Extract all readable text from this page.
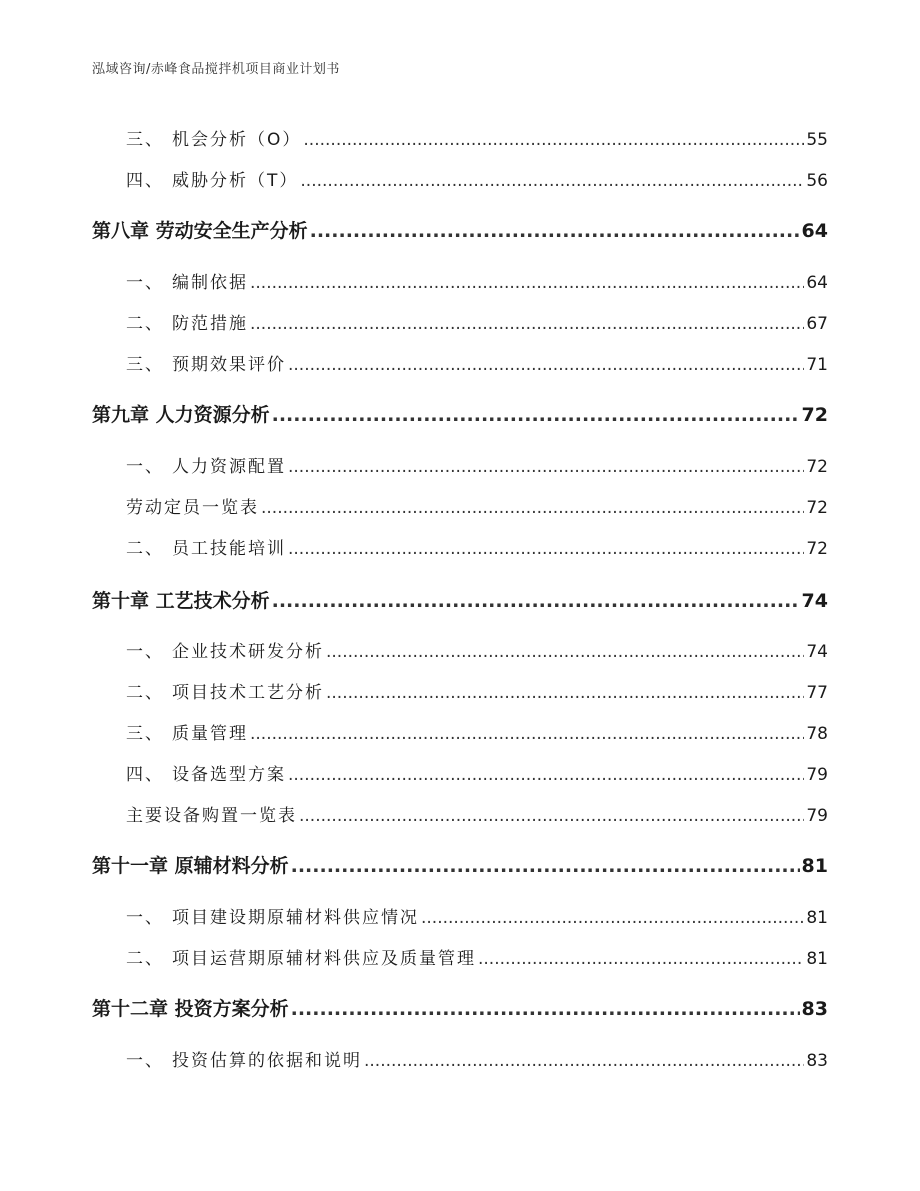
泓域咨询/赤峰食品搅拌机项目商业计划书
三、 机会分析（O） .....	55
四、 威胁分析（T） .....	56
第八章 劳动安全生产分析 .....	64
一、 编制依据 .....	64
二、 防范措施 .....	67
三、 预期效果评价 .....	71
第九章 人力资源分析 .....	72
一、 人力资源配置 .....	72
劳动定员一览表 .....	72
二、 员工技能培训 .....	72
第十章 工艺技术分析 .....	74
一、 企业技术研发分析 .....	74
二、 项目技术工艺分析 .....	77
三、 质量管理 .....	78
四、 设备选型方案 .....	79
主要设备购置一览表 .....	79
第十一章 原辅材料分析 .....	81
一、 项目建设期原辅材料供应情况 .....	81
二、 项目运营期原辅材料供应及质量管理 .....	81
第十二章 投资方案分析 .....	83
一、 投资估算的依据和说明 .....	83
